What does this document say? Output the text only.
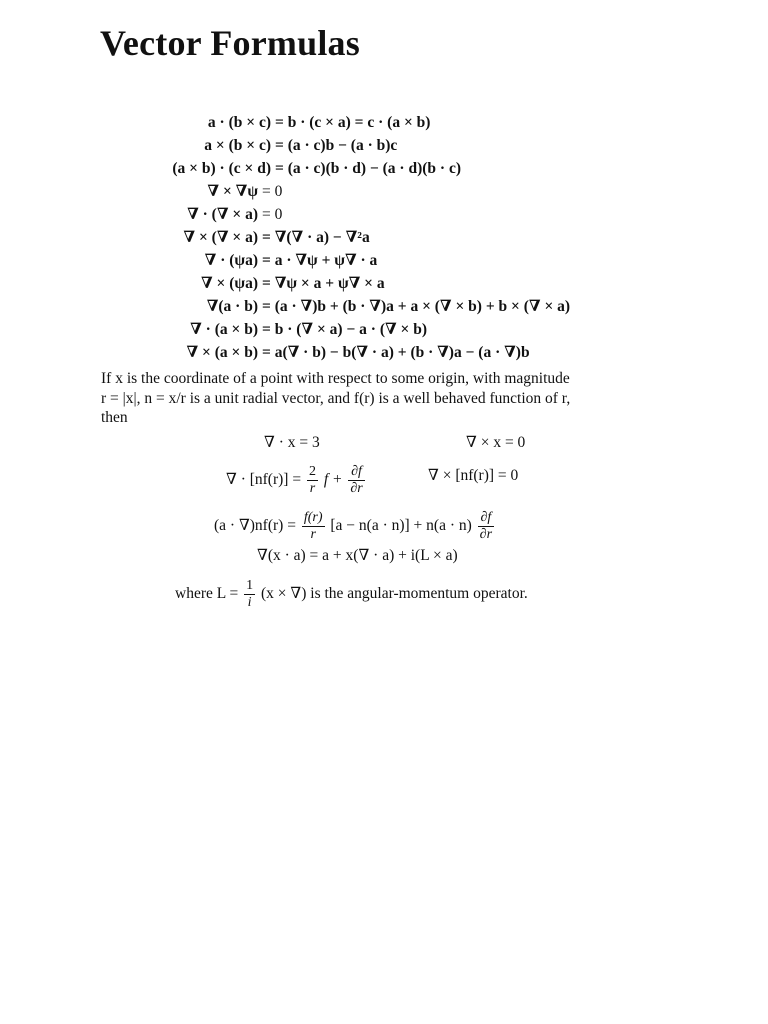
Vector Formulas
a · (b × c) = b · (c × a) = c · (a × b)
a × (b × c) = (a · c)b − (a · b)c
(a × b) · (c × d) = (a · c)(b · d) − (a · d)(b · c)
∇ × ∇ψ = 0
∇ · (∇ × a) = 0
∇ × (∇ × a) = ∇(∇ · a) − ∇²a
∇ · (ψa) = a · ∇ψ + ψ∇ · a
∇ × (ψa) = ∇ψ × a + ψ∇ × a
∇(a · b) = (a · ∇)b + (b · ∇)a + a × (∇ × b) + b × (∇ × a)
∇ · (a × b) = b · (∇ × a) − a · (∇ × b)
∇ × (a × b) = a(∇ · b) − b(∇ · a) + (b · ∇)a − (a · ∇)b
If x is the coordinate of a point with respect to some origin, with magnitude
r = |x|, n = x/r is a unit radial vector, and f(r) is a well behaved function of r,
then
∇ · x = 3	∇ × x = 0
∇ · $[nf(r)] = \frac{2}{r}$ $f + \frac{\partial f}{\partial r}$	∇ × [nf(r)] = 0
$(a \cdot \nabla)nf(r) = \frac{f(r)}{r} [a - n(a \cdot n)] + n(a \cdot n) \frac{\partial f}{\partial r}$
∇(x · a) = a + x(∇ · a) + i(L × a)
where $L = \frac{1}{i} (x$ × ∇) is the angular-momentum operator.
